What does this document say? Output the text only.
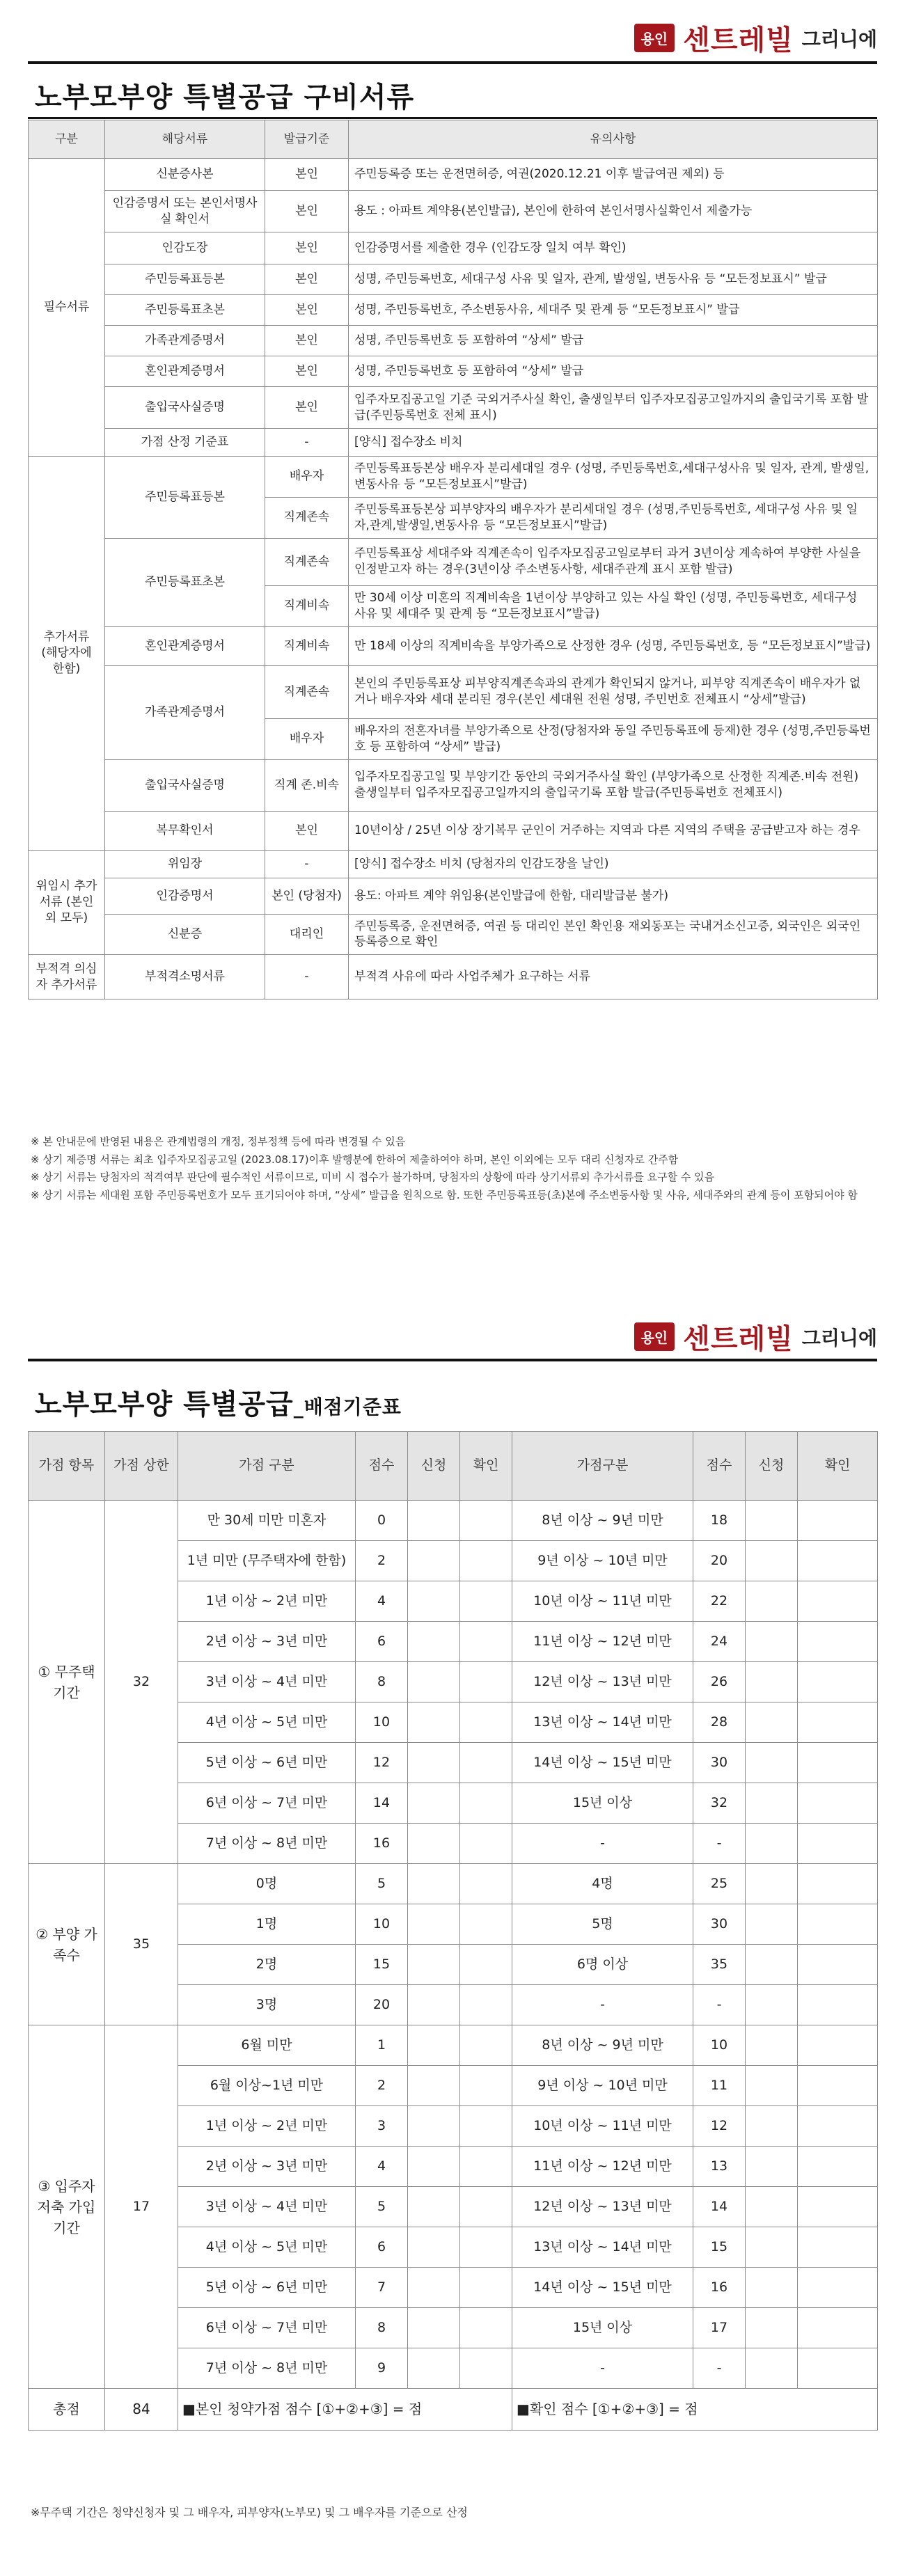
용인 센트레빌 그리니에
노부모부양 특별공급 구비서류
구분	해당서류	발급기준	유의사항
필수서류	신분증사본	본인	주민등록증 또는 운전면허증, 여권(2020.12.21 이후 발급여권 제외) 등
	인감증명서 또는 본인서명사실 확인서	본인	용도 : 아파트 계약용(본인발급), 본인에 한하여 본인서명사실확인서 제출가능
	인감도장	본인	인감증명서를 제출한 경우 (인감도장 일치 여부 확인)
	주민등록표등본	본인	성명, 주민등록번호, 세대구성 사유 및 일자, 관계, 발생일, 변동사유 등 “모든정보표시” 발급
	주민등록표초본	본인	성명, 주민등록번호, 주소변동사유, 세대주 및 관계 등 “모든정보표시” 발급
	가족관계증명서	본인	성명, 주민등록번호 등 포함하여 “상세” 발급
	혼인관계증명서	본인	성명, 주민등록번호 등 포함하여 “상세” 발급
	출입국사실증명	본인	입주자모집공고일 기준 국외거주사실 확인, 출생일부터 입주자모집공고일까지의 출입국기록 포함 발급(주민등록번호 전체 표시)
	가점 산정 기준표	-	[양식] 접수장소 비치
추가서류 (해당자에 한함)	주민등록표등본	배우자	주민등록표등본상 배우자 분리세대일 경우 (성명, 주민등록번호,세대구성사유 및 일자, 관계, 발생일, 변동사유 등 “모든정보표시”발급)
		직계존속	주민등록표등본상 피부양자의 배우자가 분리세대일 경우 (성명,주민등록번호, 세대구성 사유 및 일자,관계,발생일,변동사유 등 “모든정보표시”발급)
	주민등록표초본	직계존속	주민등록표상 세대주와 직계존속이 입주자모집공고일로부터 과거 3년이상 계속하여 부양한 사실을 인정받고자 하는 경우(3년이상 주소변동사항, 세대주관계 표시 포함 발급)
		직계비속	만 30세 이상 미혼의 직계비속을 1년이상 부양하고 있는 사실 확인 (성명, 주민등록번호, 세대구성 사유 및 세대주 및 관계 등 “모든정보표시”발급)
	혼인관계증명서	직계비속	만 18세 이상의 직계비속을 부양가족으로 산정한 경우 (성명, 주민등록번호, 등 “모든정보표시”발급)
	가족관계증명서	직계존속	본인의 주민등록표상 피부양직계존속과의 관계가 확인되지 않거나, 피부양 직계존속이 배우자가 없거나 배우자와 세대 분리된 경우(본인 세대원 전원 성명, 주민번호 전체표시 “상세”발급)
		배우자	배우자의 전혼자녀를 부양가족으로 산정(당첨자와 동일 주민등록표에 등재)한 경우 (성명,주민등록번호 등 포함하여 “상세” 발급)
	출입국사실증명	직계 존.비속	입주자모집공고일 및 부양기간 동안의 국외거주사실 확인 (부양가족으로 산정한 직계존.비속 전원) 출생일부터 입주자모집공고일까지의 출입국기록 포함 발급(주민등록번호 전체표시)
	복무확인서	본인	10년이상 / 25년 이상 장기복무 군인이 거주하는 지역과 다른 지역의 주택을 공급받고자 하는 경우
위임시 추가서류 (본인 외 모두)	위임장	-	[양식] 접수장소 비치 (당첨자의 인감도장을 날인)
	인감증명서	본인 (당첨자)	용도: 아파트 계약 위임용(본인발급에 한함, 대리발급분 불가)
	신분증	대리인	주민등록증, 운전면허증, 여권 등 대리인 본인 확인용 재외동포는 국내거소신고증, 외국인은 외국인등록증으로 확인
부적격 의심자 추가서류	부적격소명서류	-	부적격 사유에 따라 사업주체가 요구하는 서류
※ 본 안내문에 반영된 내용은 관계법령의 개정, 정부정책 등에 따라 변경될 수 있음
※ 상기 제증명 서류는 최초 입주자모집공고일 (2023.08.17)이후 발행분에 한하여 제출하여야 하며, 본인 이외에는 모두 대리 신청자로 간주함
※ 상기 서류는 당첨자의 적격여부 판단에 필수적인 서류이므로, 미비 시 접수가 불가하며, 당첨자의 상황에 따라 상기서류외 추가서류를 요구할 수 있음
※ 상기 서류는 세대원 포함 주민등록번호가 모두 표기되어야 하며, “상세” 발급을 원칙으로 함. 또한 주민등록표등(초)본에 주소변동사항 및 사유, 세대주와의 관계 등이 포함되어야 함
용인 센트레빌 그리니에
노부모부양 특별공급_배점기준표
가점 항목	가점 상한	가점 구분	점수	신청	확인	가점구분	점수	신청	확인
① 무주택 기간	32	만 30세 미만 미혼자	0			8년 이상 ~ 9년 미만	18		
		1년 미만 (무주택자에 한함)	2			9년 이상 ~ 10년 미만	20		
		1년 이상 ~ 2년 미만	4			10년 이상 ~ 11년 미만	22		
		2년 이상 ~ 3년 미만	6			11년 이상 ~ 12년 미만	24		
		3년 이상 ~ 4년 미만	8			12년 이상 ~ 13년 미만	26		
		4년 이상 ~ 5년 미만	10			13년 이상 ~ 14년 미만	28		
		5년 이상 ~ 6년 미만	12			14년 이상 ~ 15년 미만	30		
		6년 이상 ~ 7년 미만	14			15년 이상	32		
		7년 이상 ~ 8년 미만	16			-	-		
② 부양 가족수	35	0명	5			4명	25		
		1명	10			5명	30		
		2명	15			6명 이상	35		
		3명	20			-	-		
③ 입주자 저축 가입기간	17	6월 미만	1			8년 이상 ~ 9년 미만	10		
		6월 이상~1년 미만	2			9년 이상 ~ 10년 미만	11		
		1년 이상 ~ 2년 미만	3			10년 이상 ~ 11년 미만	12		
		2년 이상 ~ 3년 미만	4			11년 이상 ~ 12년 미만	13		
		3년 이상 ~ 4년 미만	5			12년 이상 ~ 13년 미만	14		
		4년 이상 ~ 5년 미만	6			13년 이상 ~ 14년 미만	15		
		5년 이상 ~ 6년 미만	7			14년 이상 ~ 15년 미만	16		
		6년 이상 ~ 7년 미만	8			15년 이상	17		
		7년 이상 ~ 8년 미만	9			-	-		
총점	84	■본인 청약가점 점수 [①+②+③] = 점				■확인 점수 [①+②+③] = 점			
※무주택 기간은 청약신청자 및 그 배우자, 피부양자(노부모) 및 그 배우자를 기준으로 산정
